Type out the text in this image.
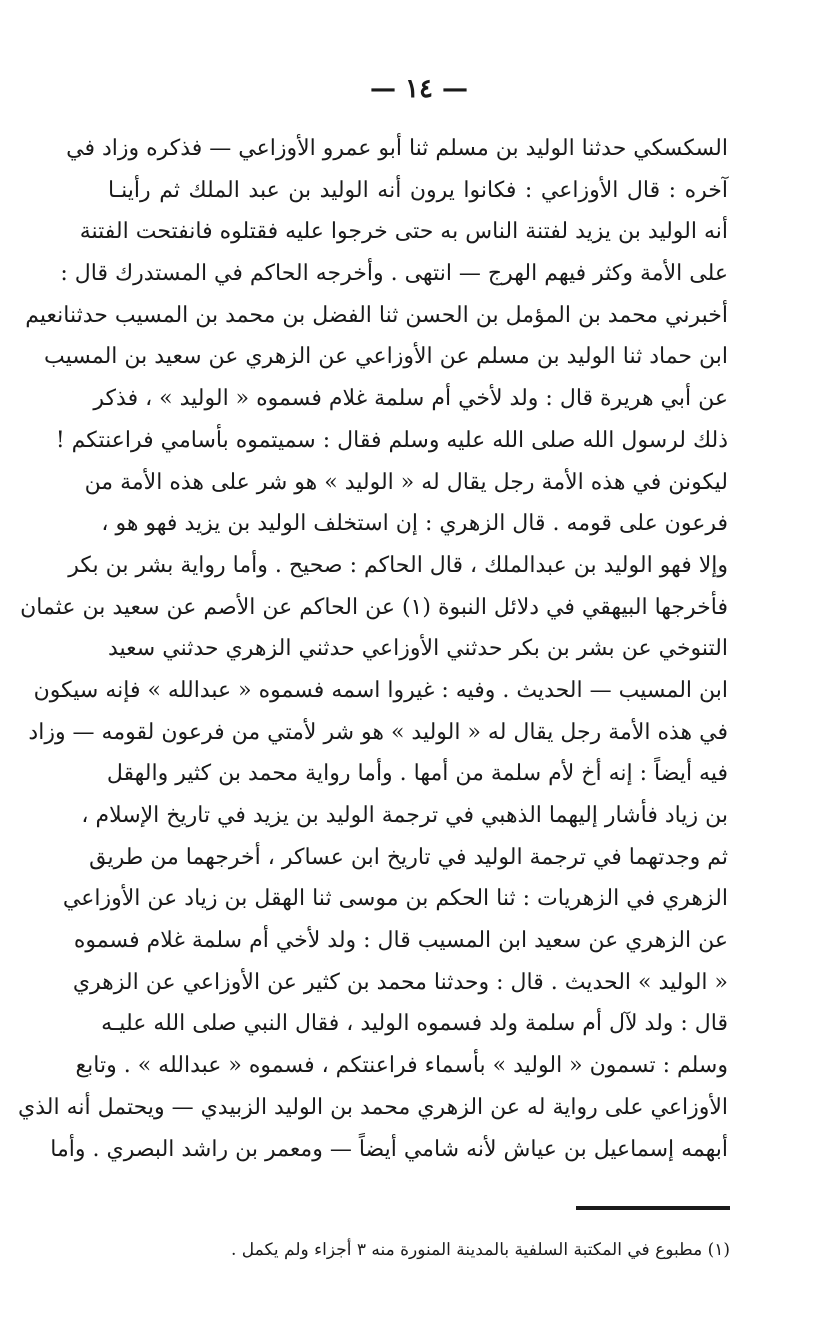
— ١٤ —
السكسكي حدثنا الوليد بن مسلم ثنا أبو عمرو الأوزاعي — فذكره وزاد في
آخره : قال الأوزاعي : فكانوا يرون أنه الوليد بن عبد الملك ثم رأينـا
أنه الوليد بن يزيد لفتنة الناس به حتى خرجوا عليه فقتلوه فانفتحت الفتنة
على الأمة وكثر فيهم الهرج — انتهى . وأخرجه الحاكم في المستدرك قال :
أخبرني محمد بن المؤمل بن الحسن ثنا الفضل بن محمد بن المسيب حدثنانعيم
ابن حماد ثنا الوليد بن مسلم عن الأوزاعي عن الزهري عن سعيد بن المسيب
عن أبي هريرة قال : ولد لأخي أم سلمة غلام فسموه « الوليد » ، فذكر
ذلك لرسول الله صلى الله عليه وسلم فقال : سميتموه بأسامي فراعنتكم !
ليكونن في هذه الأمة رجل يقال له « الوليد » هو شر على هذه الأمة من
فرعون على قومه . قال الزهري : إن استخلف الوليد بن يزيد فهو هو ،
وإلا فهو الوليد بن عبدالملك ، قال الحاكم : صحيح . وأما رواية بشر بن بكر
فأخرجها البيهقي في دلائل النبوة (١) عن الحاكم عن الأصم عن سعيد بن عثمان
التنوخي عن بشر بن بكر حدثني الأوزاعي حدثني الزهري حدثني سعيد
ابن المسيب — الحديث . وفيه : غيروا اسمه فسموه « عبدالله » فإنه سيكون
في هذه الأمة رجل يقال له « الوليد » هو شر لأمتي من فرعون لقومه — وزاد
فيه أيضاً : إنه أخ لأم سلمة من أمها . وأما رواية محمد بن كثير والهقل
بن زياد فأشار إليهما الذهبي في ترجمة الوليد بن يزيد في تاريخ الإسلام ،
ثم وجدتهما في ترجمة الوليد في تاريخ ابن عساكر ، أخرجهما من طريق
الزهري في الزهريات : ثنا الحكم بن موسى ثنا الهقل بن زياد عن الأوزاعي
عن الزهري عن سعيد ابن المسيب قال : ولد لأخي أم سلمة غلام فسموه
« الوليد » الحديث . قال : وحدثنا محمد بن كثير عن الأوزاعي عن الزهري
قال : ولد لآل أم سلمة ولد فسموه الوليد ، فقال النبي صلى الله عليـه
وسلم : تسمون « الوليد » بأسماء فراعنتكم ، فسموه « عبدالله » . وتابع
الأوزاعي على رواية له عن الزهري محمد بن الوليد الزبيدي — ويحتمل أنه الذي
أبهمه إسماعيل بن عياش لأنه شامي أيضاً — ومعمر بن راشد البصري . وأما
(١) مطبوع في المكتبة السلفية بالمدينة المنورة منه ٣ أجزاء ولم يكمل .
